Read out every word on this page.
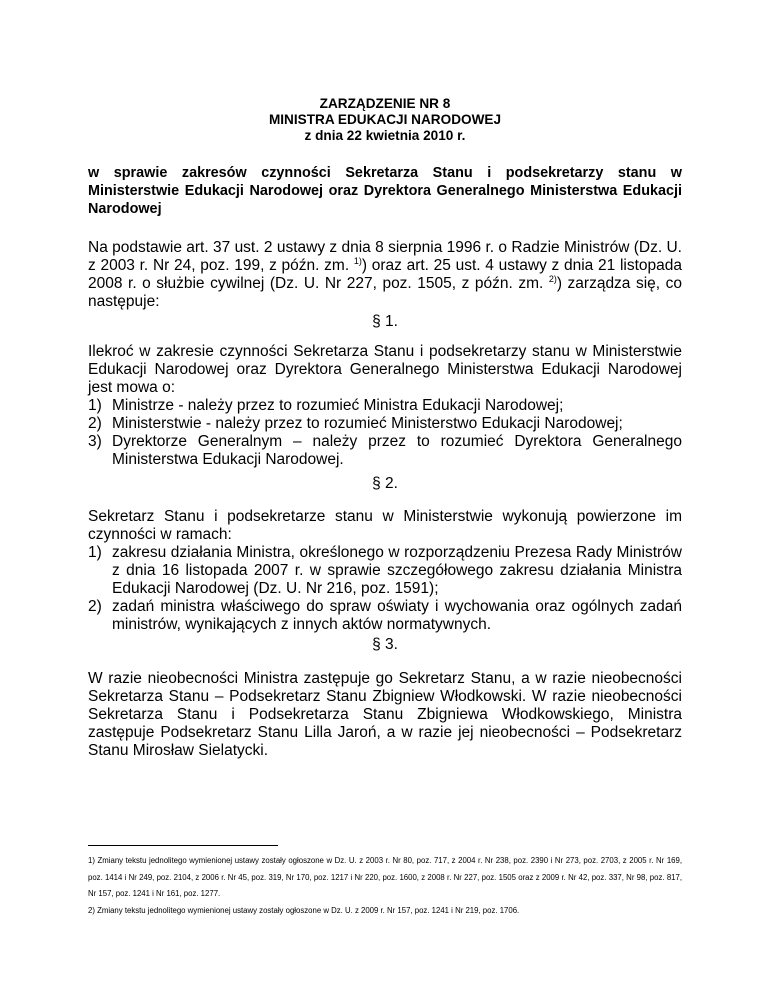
ZARZĄDZENIE NR 8
MINISTRA EDUKACJI NARODOWEJ
z dnia 22 kwietnia 2010 r.
w sprawie zakresów czynności Sekretarza Stanu i podsekretarzy stanu w Ministerstwie Edukacji Narodowej oraz Dyrektora Generalnego Ministerstwa Edukacji Narodowej
Na podstawie art. 37 ust. 2 ustawy z dnia 8 sierpnia 1996 r. o Radzie Ministrów (Dz. U. z 2003 r. Nr 24, poz. 199, z późn. zm. $^{1)}$) oraz art. 25 ust. 4 ustawy z dnia 21 listopada 2008 r. o służbie cywilnej (Dz. U. Nr 227, poz. 1505, z późn. zm. $^{2)}$) zarządza się, co następuje:
§ 1.

Ilekroć w zakresie czynności Sekretarza Stanu i podsekretarzy stanu w Ministerstwie Edukacji Narodowej oraz Dyrektora Generalnego Ministerstwa Edukacji Narodowej jest mowa o:

1) Ministrze - należy przez to rozumieć Ministra Edukacji Narodowej;
2) Ministerstwie - należy przez to rozumieć Ministerstwo Edukacji Narodowej;
3) Dyrektorze Generalnym – należy przez to rozumieć Dyrektora Generalnego Ministerstwa Edukacji Narodowej.
§ 2.

Sekretarz Stanu i podsekretarze stanu w Ministerstwie wykonują powierzone im czynności w ramach:

1) zakresu działania Ministra, określonego w rozporządzeniu Prezesa Rady Ministrów z dnia 16 listopada 2007 r. w sprawie szczegółowego zakresu działania Ministra Edukacji Narodowej (Dz. U. Nr 216, poz. 1591);
2) zadań ministra właściwego do spraw oświaty i wychowania oraz ogólnych zadań ministrów, wynikających z innych aktów normatywnych.
§ 3.

W razie nieobecności Ministra zastępuje go Sekretarz Stanu, a w razie nieobecności Sekretarza Stanu – Podsekretarz Stanu Zbigniew Włodkowski. W razie nieobecności Sekretarza Stanu i Podsekretarza Stanu Zbigniewa Włodkowskiego, Ministra zastępuje Podsekretarz Stanu Lilla Jaroń, a w razie jej nieobecności – Podsekretarz Stanu Mirosław Sielatycki.

1) Zmiany tekstu jednolitego wymienionej ustawy zostały ogłoszone w Dz. U. z 2003 r. Nr 80, poz. 717, z 2004 r. Nr 238, poz. 2390 i Nr 273, poz. 2703, z 2005 r. Nr 169, poz. 1414 i Nr 249, poz. 2104, z 2006 r. Nr 45, poz. 319, Nr 170, poz. 1217 i Nr 220, poz. 1600, z 2008 r. Nr 227, poz. 1505 oraz z 2009 r. Nr 42, poz. 337, Nr 98, poz. 817, Nr 157, poz. 1241 i Nr 161, poz. 1277.

2) Zmiany tekstu jednolitego wymienionej ustawy zostały ogłoszone w Dz. U. z 2009 r. Nr 157, poz. 1241 i Nr 219, poz. 1706.
